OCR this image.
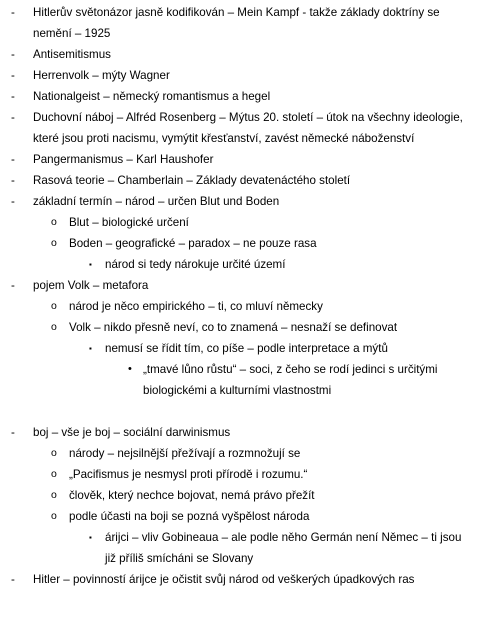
- Hitlerův světonázor jasně kodifikován – Mein Kampf - takže základy doktríny se nemění – 1925
- Antisemitismus
- Herrenvolk – mýty Wagner
- Nationalgeist – německý romantismus a hegel
- Duchovní náboj – Alfréd Rosenberg – Mýtus 20. století – útok na všechny ideologie, které jsou proti nacismu, vymýtit křesťanství, zavést německé náboženství
- Pangermanismus – Karl Haushofer
- Rasová teorie – Chamberlain – Základy devatenáctého století
- základní termín – národ – určen Blut und Boden
o Blut – biologické určení
o Boden – geografické – paradox – ne pouze rasa
▪ národ si tedy nárokuje určité území
- pojem Volk – metafora
o národ je něco empirického – ti, co mluví německy
o Volk – nikdo přesně neví, co to znamená – nesnaží se definovat
▪ nemusí se řídit tím, co píše – podle interpretace a mýtů
• „tmavé lůno růstu“ – soci, z čeho se rodí jedinci s určitými biologickémi a kulturními vlastnostmi
- boj – vše je boj – sociální darwinismus
o národy – nejsilnější přežívají a rozmnožují se
o „Pacifismus je nesmysl proti přírodě i rozumu.“
o člověk, který nechce bojovat, nemá právo přežít
o podle účasti na boji se pozná vyšpělost národa
▪ árijci – vliv Gobineaua – ale podle něho Germán není Němec – ti jsou již příliš smícháni se Slovany
- Hitler – povinností árijce je očistit svůj národ od veškerých úpadkových ras
